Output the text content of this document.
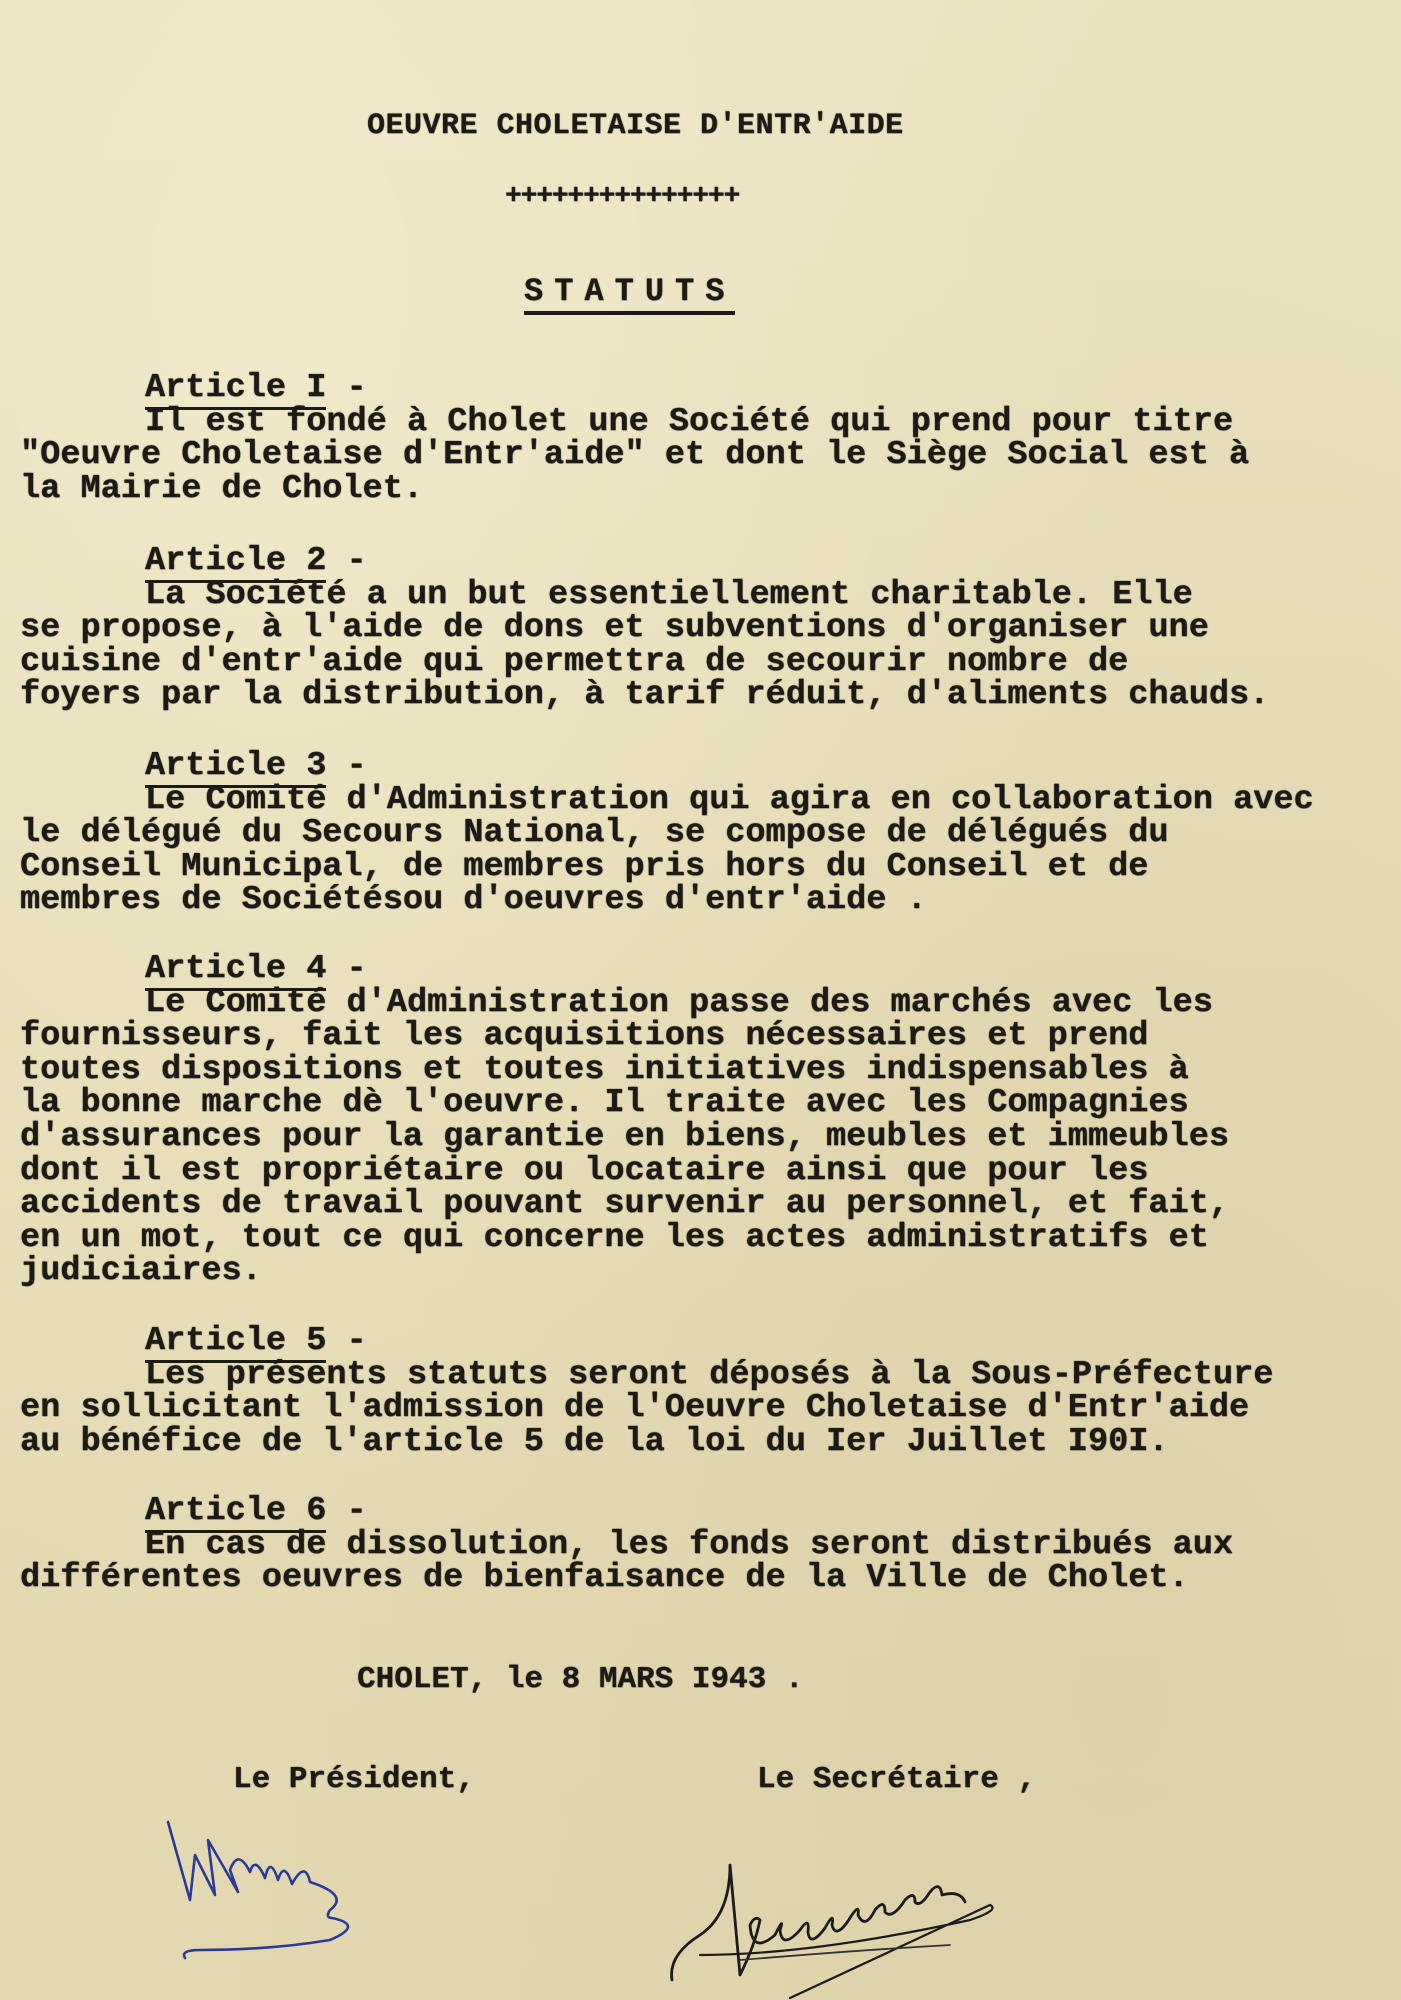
OEUVRE CHOLETAISE D'ENTR'AIDE
+++++++++++++++
STATUTS
Article I -
Il est fondé à Cholet une Société qui prend pour titre
"Oeuvre Choletaise d'Entr'aide" et dont le Siège Social est à
la Mairie de Cholet.
Article 2 -
La Société a un but essentiellement charitable. Elle
se propose, à l'aide de dons et subventions d'organiser une
cuisine d'entr'aide qui permettra de secourir nombre de
foyers par la distribution, à tarif réduit, d'aliments chauds.
Article 3 -
Le Comité d'Administration qui agira en collaboration avec
le délégué du Secours National, se compose de délégués du
Conseil Municipal, de membres pris hors du Conseil et de
membres de Sociétésou d'oeuvres d'entr'aide .
Article 4 -
Le Comité d'Administration passe des marchés avec les
fournisseurs, fait les acquisitions nécessaires et prend
toutes dispositions et toutes initiatives indispensables à
la bonne marche dè l'oeuvre. Il traite avec les Compagnies
d'assurances pour la garantie en biens, meubles et immeubles
dont il est propriétaire ou locataire ainsi que pour les
accidents de travail pouvant survenir au personnel, et fait,
en un mot, tout ce qui concerne les actes administratifs et
judiciaires.
Article 5 -
Les présents statuts seront déposés à la Sous-Préfecture
en sollicitant l'admission de l'Oeuvre Choletaise d'Entr'aide
au bénéfice de l'article 5 de la loi du Ier Juillet I90I.
Article 6 -
En cas de dissolution, les fonds seront distribués aux
différentes oeuvres de bienfaisance de la Ville de Cholet.
CHOLET, le 8 MARS I943 .
Le Président,	Le Secrétaire ,
